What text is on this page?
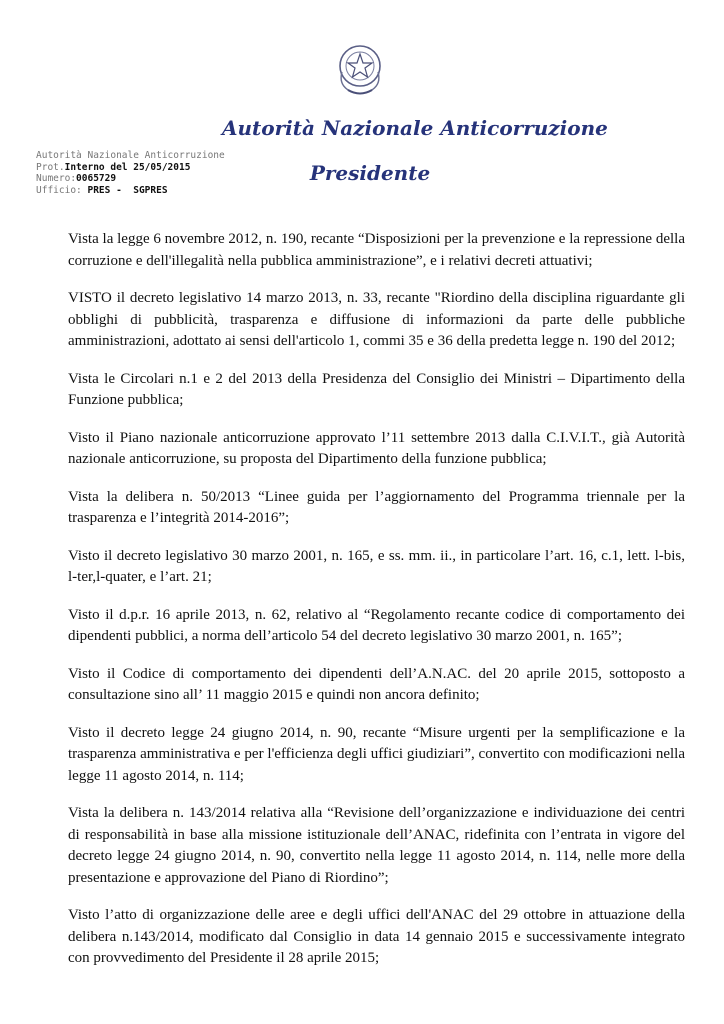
Autorità Nazionale Anticorruzione
Presidente
Autorità Nazionale Anticorruzione
Prot.Interno del 25/05/2015
Numero:0065729
Ufficio: PRES -  SGPRES

Vista la legge 6 novembre 2012, n. 190, recante “Disposizioni per la prevenzione e la repressione della corruzione e dell'illegalità nella pubblica amministrazione”, e i relativi decreti attuativi;

VISTO il decreto legislativo 14 marzo 2013, n. 33, recante "Riordino della disciplina riguardante gli obblighi di pubblicità, trasparenza e diffusione di informazioni da parte delle pubbliche amministrazioni, adottato ai sensi dell'articolo 1, commi 35 e 36 della predetta legge n. 190 del 2012;

Vista le Circolari n.1 e 2 del 2013 della Presidenza del Consiglio dei Ministri – Dipartimento della Funzione pubblica;

Visto il Piano nazionale anticorruzione approvato l’11 settembre 2013 dalla C.I.V.I.T., già Autorità nazionale anticorruzione, su proposta del Dipartimento della funzione pubblica;

Vista la delibera n. 50/2013 “Linee guida per l’aggiornamento del Programma triennale per la trasparenza e l’integrità 2014-2016”;

Visto il decreto legislativo 30 marzo 2001, n. 165, e ss. mm. ii., in particolare l’art. 16, c.1, lett. l-bis, l-ter,l-quater, e l’art. 21;

Visto il d.p.r. 16 aprile 2013, n. 62, relativo al “Regolamento recante codice di comportamento dei dipendenti pubblici, a norma dell’articolo 54 del decreto legislativo 30 marzo 2001, n. 165”;

Visto il Codice di comportamento dei dipendenti dell’A.N.AC. del 20 aprile 2015, sottoposto a consultazione sino all’ 11 maggio 2015 e quindi non ancora definito;

Visto il decreto legge 24 giugno 2014, n. 90, recante “Misure urgenti per la semplificazione e la trasparenza amministrativa e per l'efficienza degli uffici giudiziari”, convertito con modificazioni nella legge 11 agosto 2014, n. 114;

Vista la delibera n. 143/2014 relativa alla “Revisione dell’organizzazione e individuazione dei centri di responsabilità in base alla missione istituzionale dell’ANAC, ridefinita con l’entrata in vigore del decreto legge 24 giugno 2014, n. 90, convertito nella legge 11 agosto 2014, n. 114, nelle more della presentazione e approvazione del Piano di Riordino”;

Visto l’atto di organizzazione delle aree e degli uffici dell'ANAC del 29 ottobre in attuazione della delibera n.143/2014, modificato dal Consiglio in data 14 gennaio 2015 e successivamente integrato con provvedimento del Presidente il 28 aprile 2015;
